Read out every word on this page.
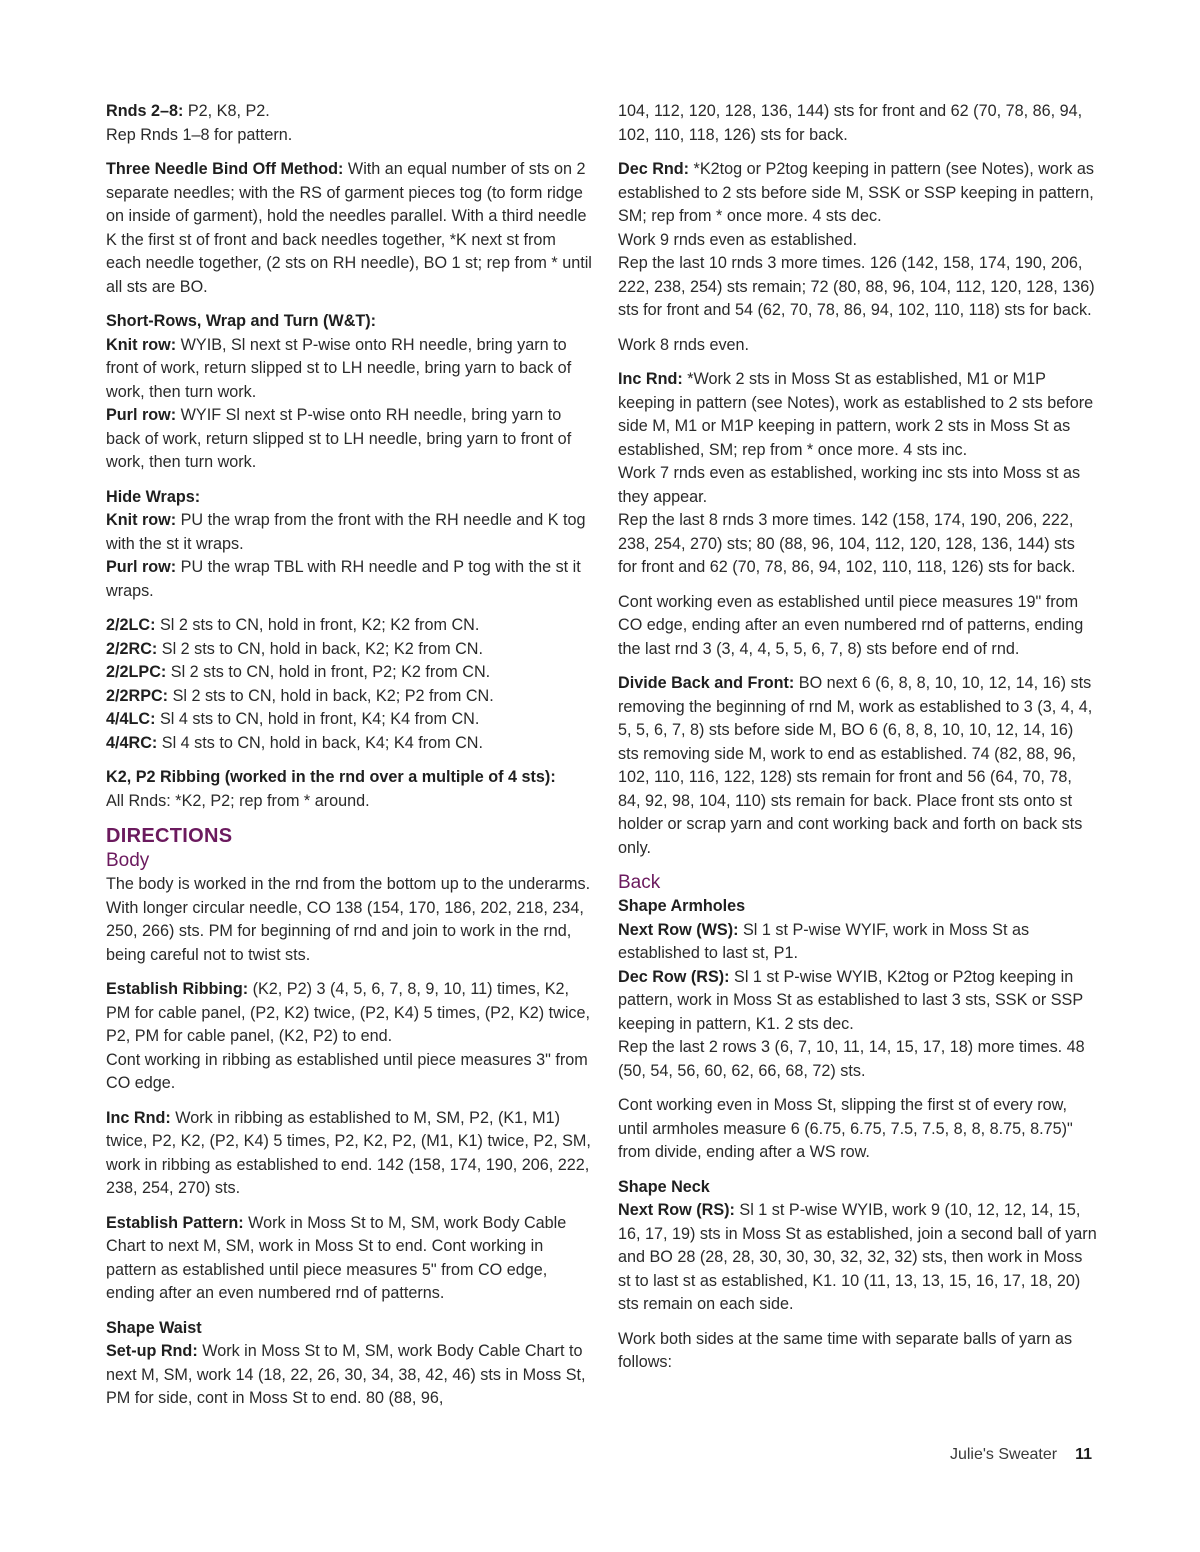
Rnds 2–8: P2, K8, P2.
Rep Rnds 1–8 for pattern.
Three Needle Bind Off Method: With an equal number of sts on 2 separate needles; with the RS of garment pieces tog (to form ridge on inside of garment), hold the needles parallel. With a third needle K the first st of front and back needles together, *K next st from each needle together, (2 sts on RH needle), BO 1 st; rep from * until all sts are BO.
Short-Rows, Wrap and Turn (W&T):
Knit row: WYIB, Sl next st P-wise onto RH needle, bring yarn to front of work, return slipped st to LH needle, bring yarn to back of work, then turn work.
Purl row: WYIF Sl next st P-wise onto RH needle, bring yarn to back of work, return slipped st to LH needle, bring yarn to front of work, then turn work.
Hide Wraps:
Knit row: PU the wrap from the front with the RH needle and K tog with the st it wraps.
Purl row: PU the wrap TBL with RH needle and P tog with the st it wraps.
2/2LC: Sl 2 sts to CN, hold in front, K2; K2 from CN.
2/2RC: Sl 2 sts to CN, hold in back, K2; K2 from CN.
2/2LPC: Sl 2 sts to CN, hold in front, P2; K2 from CN.
2/2RPC: Sl 2 sts to CN, hold in back, K2; P2 from CN.
4/4LC: Sl 4 sts to CN, hold in front, K4; K4 from CN.
4/4RC: Sl 4 sts to CN, hold in back, K4; K4 from CN.
K2, P2 Ribbing (worked in the rnd over a multiple of 4 sts):
All Rnds: *K2, P2; rep from * around.
DIRECTIONS
Body
The body is worked in the rnd from the bottom up to the underarms.
With longer circular needle, CO 138 (154, 170, 186, 202, 218, 234, 250, 266) sts. PM for beginning of rnd and join to work in the rnd, being careful not to twist sts.
Establish Ribbing: (K2, P2) 3 (4, 5, 6, 7, 8, 9, 10, 11) times, K2, PM for cable panel, (P2, K2) twice, (P2, K4) 5 times, (P2, K2) twice, P2, PM for cable panel, (K2, P2) to end.
Cont working in ribbing as established until piece measures 3" from CO edge.
Inc Rnd: Work in ribbing as established to M, SM, P2, (K1, M1) twice, P2, K2, (P2, K4) 5 times, P2, K2, P2, (M1, K1) twice, P2, SM, work in ribbing as established to end. 142 (158, 174, 190, 206, 222, 238, 254, 270) sts.
Establish Pattern: Work in Moss St to M, SM, work Body Cable Chart to next M, SM, work in Moss St to end. Cont working in pattern as established until piece measures 5" from CO edge, ending after an even numbered rnd of patterns.
Shape Waist
Set-up Rnd: Work in Moss St to M, SM, work Body Cable Chart to next M, SM, work 14 (18, 22, 26, 30, 34, 38, 42, 46) sts in Moss St, PM for side, cont in Moss St to end. 80 (88, 96,
104, 112, 120, 128, 136, 144) sts for front and 62 (70, 78, 86, 94, 102, 110, 118, 126) sts for back.
Dec Rnd: *K2tog or P2tog keeping in pattern (see Notes), work as established to 2 sts before side M, SSK or SSP keeping in pattern, SM; rep from * once more. 4 sts dec.
Work 9 rnds even as established.
Rep the last 10 rnds 3 more times. 126 (142, 158, 174, 190, 206, 222, 238, 254) sts remain; 72 (80, 88, 96, 104, 112, 120, 128, 136) sts for front and 54 (62, 70, 78, 86, 94, 102, 110, 118) sts for back.
Work 8 rnds even.
Inc Rnd: *Work 2 sts in Moss St as established, M1 or M1P keeping in pattern (see Notes), work as established to 2 sts before side M, M1 or M1P keeping in pattern, work 2 sts in Moss St as established, SM; rep from * once more. 4 sts inc.
Work 7 rnds even as established, working inc sts into Moss st as they appear.
Rep the last 8 rnds 3 more times. 142 (158, 174, 190, 206, 222, 238, 254, 270) sts; 80 (88, 96, 104, 112, 120, 128, 136, 144) sts for front and 62 (70, 78, 86, 94, 102, 110, 118, 126) sts for back.
Cont working even as established until piece measures 19" from CO edge, ending after an even numbered rnd of patterns, ending the last rnd 3 (3, 4, 4, 5, 5, 6, 7, 8) sts before end of rnd.
Divide Back and Front: BO next 6 (6, 8, 8, 10, 10, 12, 14, 16) sts removing the beginning of rnd M, work as established to 3 (3, 4, 4, 5, 5, 6, 7, 8) sts before side M, BO 6 (6, 8, 8, 10, 10, 12, 14, 16) sts removing side M, work to end as established. 74 (82, 88, 96, 102, 110, 116, 122, 128) sts remain for front and 56 (64, 70, 78, 84, 92, 98, 104, 110) sts remain for back. Place front sts onto st holder or scrap yarn and cont working back and forth on back sts only.
Back
Shape Armholes
Next Row (WS): Sl 1 st P-wise WYIF, work in Moss St as established to last st, P1.
Dec Row (RS): Sl 1 st P-wise WYIB, K2tog or P2tog keeping in pattern, work in Moss St as established to last 3 sts, SSK or SSP keeping in pattern, K1. 2 sts dec.
Rep the last 2 rows 3 (6, 7, 10, 11, 14, 15, 17, 18) more times. 48 (50, 54, 56, 60, 62, 66, 68, 72) sts.
Cont working even in Moss St, slipping the first st of every row, until armholes measure 6 (6.75, 6.75, 7.5, 7.5, 8, 8, 8.75, 8.75)" from divide, ending after a WS row.
Shape Neck
Next Row (RS): Sl 1 st P-wise WYIB, work 9 (10, 12, 12, 14, 15, 16, 17, 19) sts in Moss St as established, join a second ball of yarn and BO 28 (28, 28, 30, 30, 30, 32, 32, 32) sts, then work in Moss st to last st as established, K1. 10 (11, 13, 13, 15, 16, 17, 18, 20) sts remain on each side.
Work both sides at the same time with separate balls of yarn as follows:
Julie's Sweater 11
